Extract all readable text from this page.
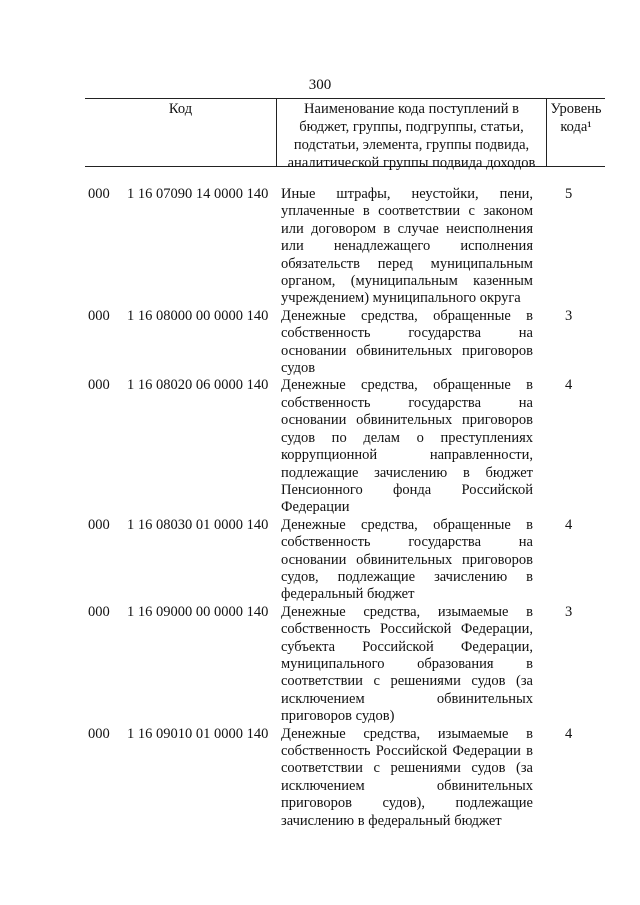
300
Код	Наименование кода поступлений в
бюджет, группы, подгруппы, статьи,
подстатьи, элемента, группы подвида,
аналитической группы подвида доходов
Уровень
кода¹
000 1 16 07090 14 0000 140 Иные штрафы, неустойки, пени, уплаченные в соответствии с законом или договором в случае неисполнения или ненадлежащего исполнения обязательств перед муниципальным органом, (муниципальным казенным учреждением) муниципального округа
5
000 1 16 08000 00 0000 140 Денежные средства, обращенные в собственность государства на основании обвинительных приговоров судов
3
000 1 16 08020 06 0000 140 Денежные средства, обращенные в собственность государства на основании обвинительных приговоров судов по делам о преступлениях коррупционной направленности, подлежащие зачислению в бюджет Пенсионного фонда Российской Федерации
4
000 1 16 08030 01 0000 140 Денежные средства, обращенные в собственность государства на основании обвинительных приговоров судов, подлежащие зачислению в федеральный бюджет
4
000 1 16 09000 00 0000 140 Денежные средства, изымаемые в собственность Российской Федерации, субъекта Российской Федерации, муниципального образования в соответствии с решениями судов (за исключением обвинительных приговоров судов)
3
000 1 16 09010 01 0000 140 Денежные средства, изымаемые в собственность Российской Федерации в соответствии с решениями судов (за исключением обвинительных приговоров судов), подлежащие зачислению в федеральный бюджет
4
